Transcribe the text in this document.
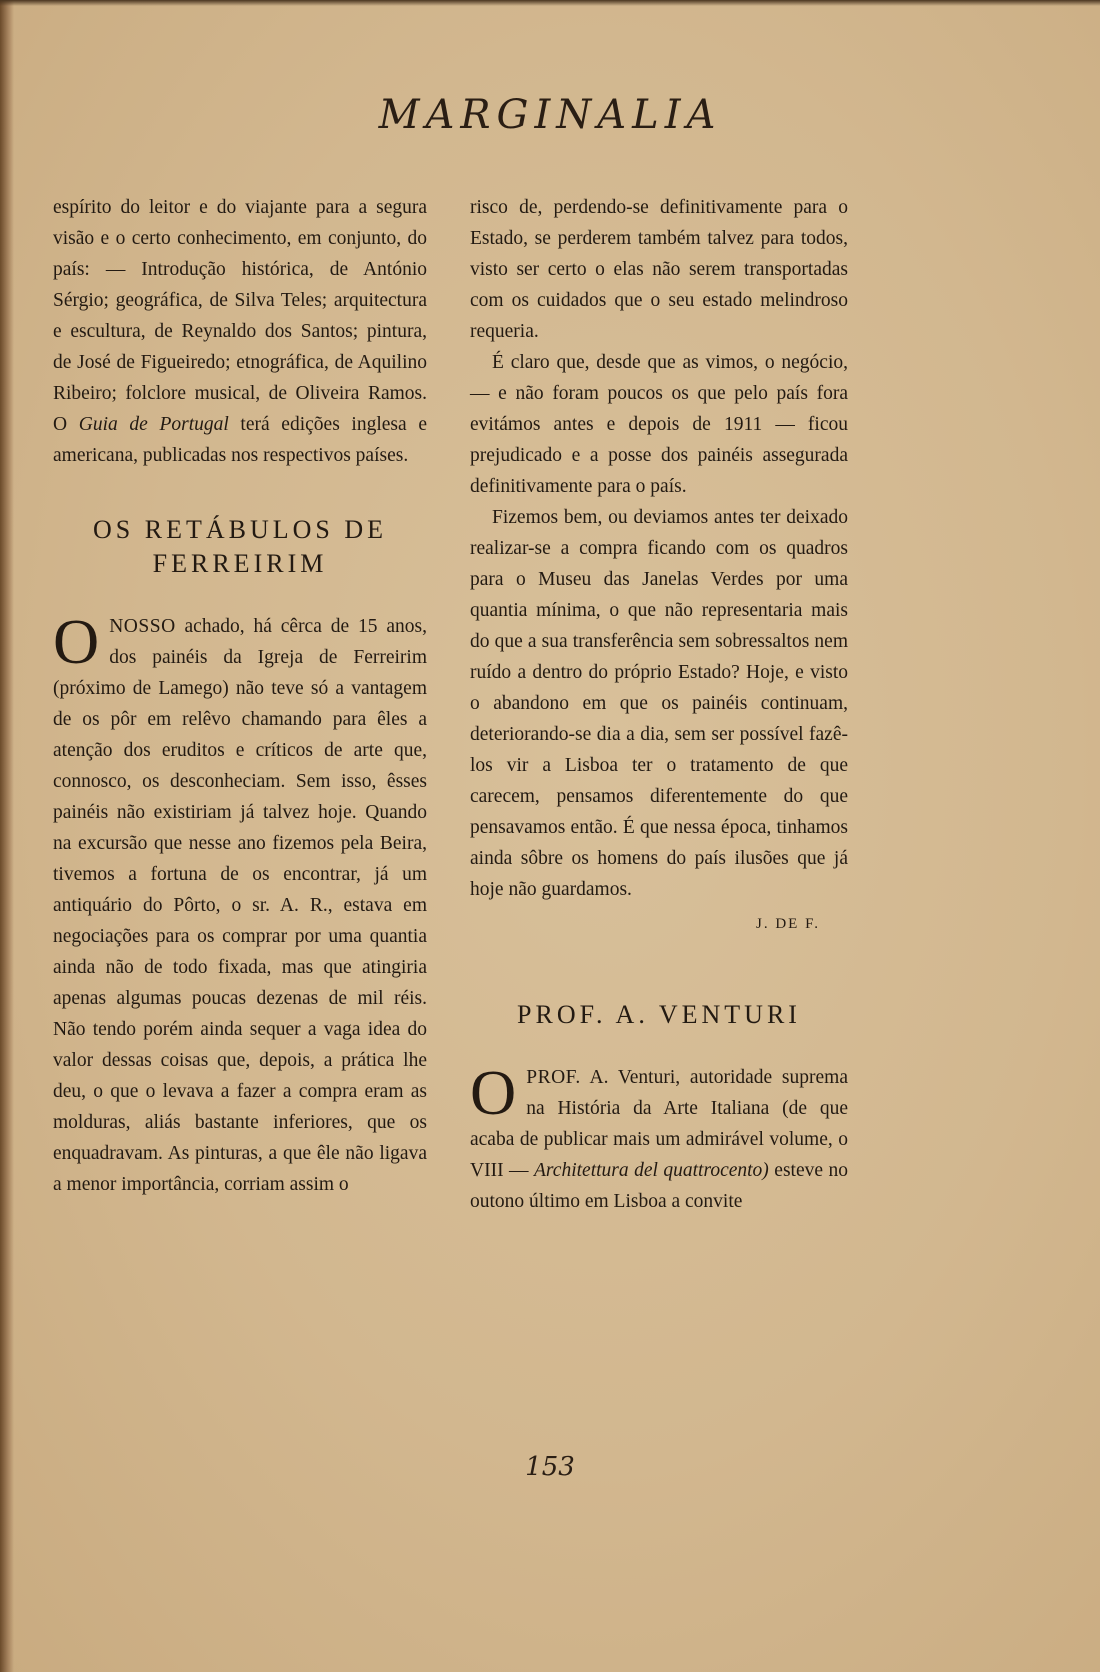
MARGINALIA

espírito do leitor e do viajante para a segura visão e o certo conhecimento, em conjunto, do país: — Introdução histórica, de António Sérgio; geográfica, de Silva Teles; arquitectura e escultura, de Reynaldo dos Santos; pintura, de José de Figueiredo; etnográfica, de Aquilino Ribeiro; folclore musical, de Oliveira Ramos. O Guia de Portugal terá edições inglesa e americana, publicadas nos respectivos países.

OS RETÁBULOS DE
FERREIRIM
O NOSSO achado, há cêrca de 15 anos, dos painéis da Igreja de Ferreirim (próximo de Lamego) não teve só a vantagem de os pôr em relêvo chamando para êles a atenção dos eruditos e críticos de arte que, connosco, os desconheciam. Sem isso, êsses painéis não existiriam já talvez hoje. Quando na excursão que nesse ano fizemos pela Beira, tivemos a fortuna de os encontrar, já um antiquário do Pôrto, o sr. A. R., estava em negociações para os comprar por uma quantia ainda não de todo fixada, mas que atingiria apenas algumas poucas dezenas de mil réis. Não tendo porém ainda sequer a vaga idea do valor dessas coisas que, depois, a prática lhe deu, o que o levava a fazer a compra eram as molduras, aliás bastante inferiores, que os enquadravam. As pinturas, a que êle não ligava a menor importância, corriam assim o

risco de, perdendo-se definitivamente para o Estado, se perderem também talvez para todos, visto ser certo o elas não serem transportadas com os cuidados que o seu estado melindroso requeria.

É claro que, desde que as vimos, o negócio, — e não foram poucos os que pelo país fora evitámos antes e depois de 1911 — ficou prejudicado e a posse dos painéis assegurada definitivamente para o país.

Fizemos bem, ou deviamos antes ter deixado realizar-se a compra ficando com os quadros para o Museu das Janelas Verdes por uma quantia mínima, o que não representaria mais do que a sua transferência sem sobressaltos nem ruído a dentro do próprio Estado? Hoje, e visto o abandono em que os painéis continuam, deteriorando-se dia a dia, sem ser possível fazê-los vir a Lisboa ter o tratamento de que carecem, pensamos diferentemente do que pensavamos então. É que nessa época, tinhamos ainda sôbre os homens do país ilusões que já hoje não guardamos.

J. DE F.
PROF. A. VENTURI
O PROF. A. Venturi, autoridade suprema na História da Arte Italiana (de que acaba de publicar mais um admirável volume, o VIII — Architettura del quattrocento) esteve no outono último em Lisboa a convite

153
